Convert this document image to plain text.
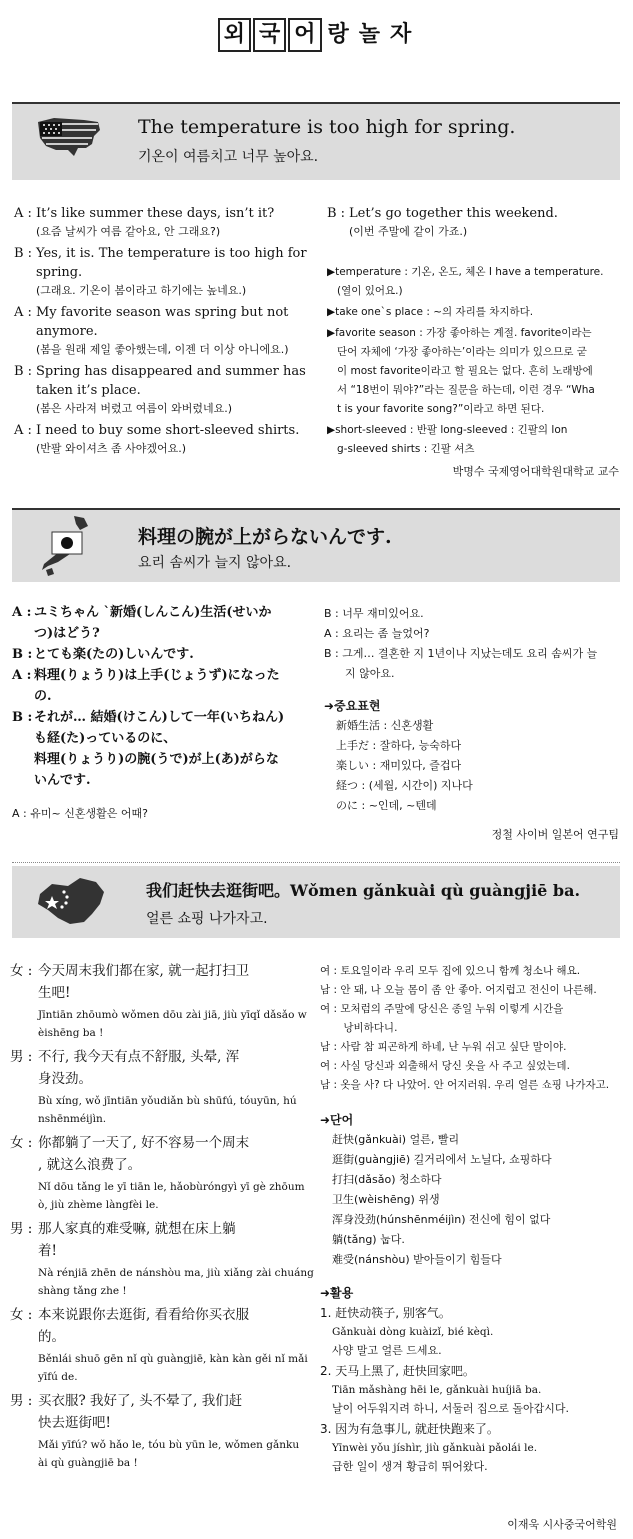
외 국 어 랑 놀 자
The temperature is too high for spring.
기온이 여름치고 너무 높아요.
A : It’s like summer these days, isn’t it?
(요즘 날씨가 여름 같아요, 안 그래요?)
B : Yes, it is. The temperature is too high for
spring.
(그래요. 기온이 봄이라고 하기에는 높네요.)
A : My favorite season was spring but not
anymore.
(봄을 원래 제일 좋아했는데, 이젠 더 이상 아니에요.)
B : Spring has disappeared and summer has
taken it’s place.
(봄은 사라져 버렸고 여름이 와버렸네요.)
A : I need to buy some short-sleeved shirts.
(반팔 와이셔츠 좀 사야겠어요.)
B : Let’s go together this weekend.
(이번 주말에 같이 가죠.)
▶temperature : 기온, 온도, 체온 I have a temperature.
(열이 있어요.)
▶take one`s place : ~의 자리를 차지하다.
▶favorite season : 가장 좋아하는 계절. favorite이라는
단어 자체에 ‘가장 좋아하는’이라는 의미가 있으므로 굳
이 most favorite이라고 할 필요는 없다. 흔히 노래방에
서 “18번이 뭐야?”라는 질문을 하는데, 이런 경우 “Wha
t is your favorite song?”이라고 하면 된다.
▶short-sleeved : 반팔 long-sleeved : 긴팔의 lon
g-sleeved shirts : 긴팔 셔츠
박명수 국제영어대학원대학교 교수
料理の腕が上がらないんです.
요리 솜씨가 늘지 않아요.
A : ユミちゃん `新婚(しんこん)生活(せいか
つ)はどう?
B : とても楽(たの)しいんです.
A : 料理(りょうり)は上手(じょうず)になった
の.
B : それが… 結婚(けこん)して一年(いちねん)
も経(た)っているのに、
料理(りょうり)の腕(うで)が上(あ)がらな
いんです.
A : 유미~ 신혼생활은 어때?
B : 너무 재미있어요.
A : 요리는 좀 늘었어?
B : 그게… 결혼한 지 1년이나 지났는데도 요리 솜씨가 늘
지 않아요.
➜중요표현
新婚生活 : 신혼생활
上手だ : 잘하다, 능숙하다
楽しい : 재미있다, 즐겁다
経つ : (세월, 시간이) 지나다
のに : ~인데, ~텐데
정철 사이버 일본어 연구팀
我们赶快去逛街吧。Wǒmen gǎnkuài qù guàngjiē ba.
얼른 쇼핑 나가자고.
女 : 今天周末我们都在家, 就一起打扫卫
生吧!
Jīntiān zhōumò wǒmen dōu zài jiā, jiù yīqǐ dǎsǎo w
èishēng ba !
男 : 不行, 我今天有点不舒服, 头晕, 浑
身没劲。
Bù xíng, wǒ jīntiān yǒudiǎn bù shūfú, tóuyūn, hú
nshēnméijìn.
女 : 你都躺了一天了, 好不容易一个周末
, 就这么浪费了。
Nǐ dōu tǎng le yī tiān le, hǎobùróngyì yī gè zhōum
ò, jiù zhème làngfèi le.
男 : 那人家真的难受嘛, 就想在床上躺
着!
Nà rénjiā zhēn de nánshòu ma, jiù xiǎng zài chuáng
shàng tǎng zhe !
女 : 本来说跟你去逛街, 看看给你买衣服
的。
Běnlái shuō gēn nǐ qù guàngjiē, kàn kàn gěi nǐ mǎi
yīfú de.
男 : 买衣服? 我好了, 头不晕了, 我们赶
快去逛街吧!
Mǎi yīfú? wǒ hǎo le, tóu bù yūn le, wǒmen gǎnku
ài qù guàngjiē ba !
여 : 토요일이라 우리 모두 집에 있으니 함께 청소나 해요.
남 : 안 돼, 나 오늘 몸이 좀 안 좋아. 어지럽고 전신이 나른해.
여 : 모처럼의 주말에 당신은 종일 누워 이렇게 시간을
낭비하다니.
남 : 사람 참 피곤하게 하네, 난 누워 쉬고 싶단 말이야.
여 : 사실 당신과 외출해서 당신 옷을 사 주고 싶었는데.
남 : 옷을 사? 다 나았어. 안 어지러워. 우리 얼른 쇼핑 나가자고.
➜단어
赶快(gǎnkuài) 얼른, 빨리
逛街(guàngjiē) 길거리에서 노닐다, 쇼핑하다
打扫(dǎsǎo) 청소하다
卫生(wèishēng) 위생
浑身没劲(húnshēnméijìn) 전신에 힘이 없다
躺(tǎng) 눕다.
难受(nánshòu) 받아들이기 힘들다
➜활용
1. 赶快动筷子, 别客气。
Gǎnkuài dòng kuàizǐ, bié kèqì.
사양 말고 얼른 드세요.
2. 天马上黑了, 赶快回家吧。
Tiān mǎshàng hēi le, gǎnkuài huíjiā ba.
날이 어두워지려 하니, 서둘러 집으로 돌아갑시다.
3. 因为有急事儿, 就赶快跑来了。
Yīnwèi yǒu jíshìr, jiù gǎnkuài pǎolái le.
급한 일이 생겨 황급히 뛰어왔다.
이재욱 시사중국어학원
